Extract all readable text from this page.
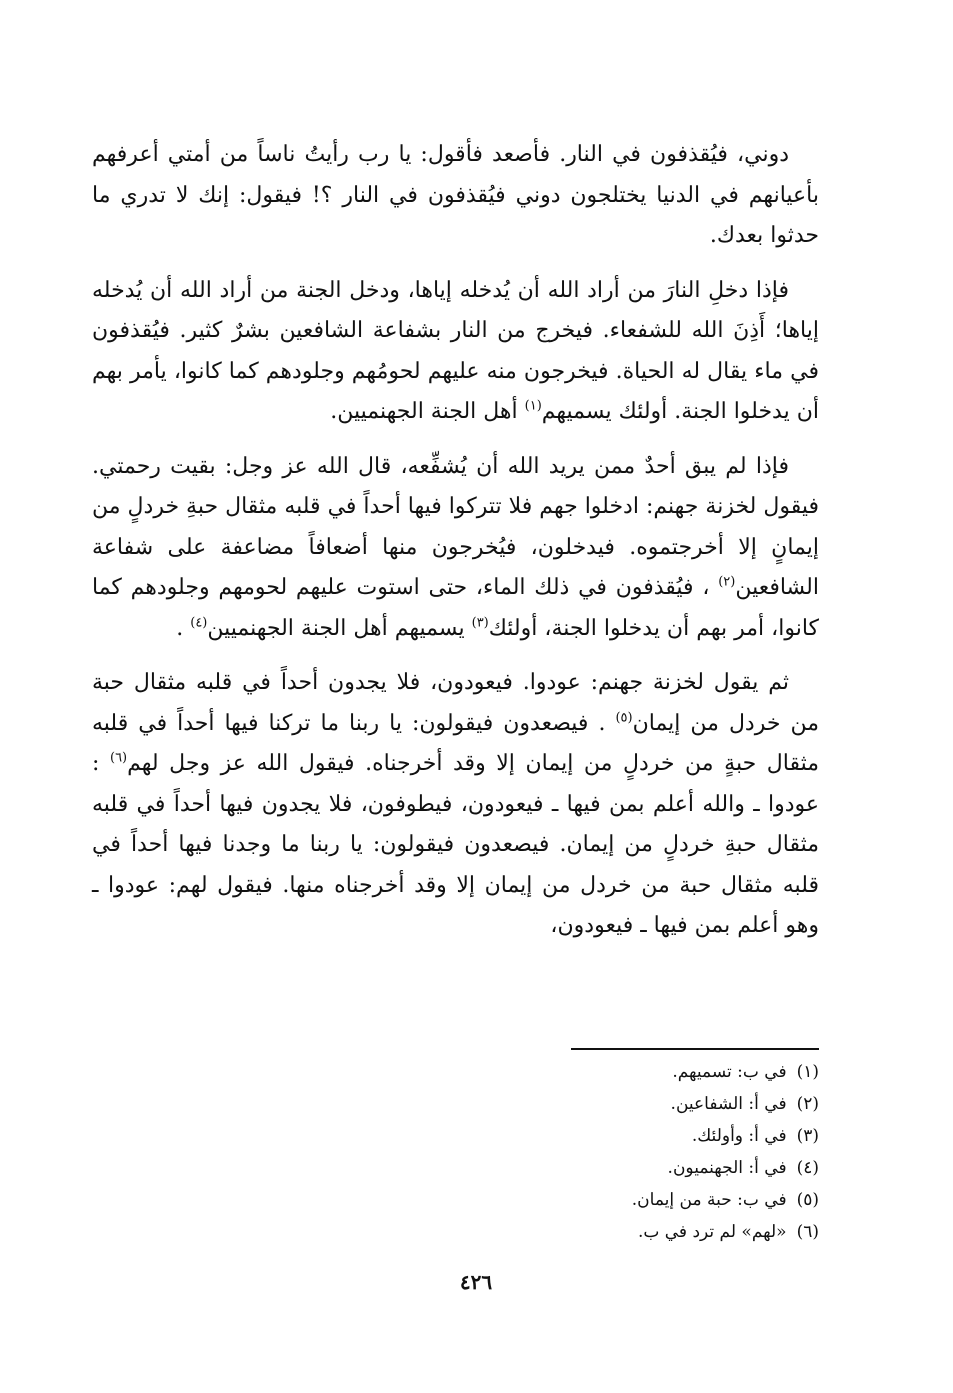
دوني، فيُقذفون في النار. فأصعد فأقول: يا رب رأيتُ ناساً من أمتي أعرفهم بأعيانهم في الدنيا يختلجون دوني فيُقذفون في النار ؟! فيقول: إنك لا تدري ما حدثوا بعدك.

فإذا دخلِ النارَ من أراد الله أن يُدخله إياها، ودخل الجنة من أراد الله أن يُدخله إياها؛ أَذِنَ الله للشفعاء. فيخرج من النار بشفاعة الشافعين بشرٌ كثير. فيُقذفون في ماء يقال له الحياة. فيخرجون منه عليهم لحومُهم وجلودهم كما كانوا، يأمر بهم أن يدخلوا الجنة. أولئك يسميهم$^{(١)}$ أهل الجنة الجهنميين.

فإذا لم يبق أحدٌ ممن يريد الله أن يُشفِّعه، قال الله عز وجل: بقيت رحمتي. فيقول لخزنة جهنم: ادخلوا جهم فلا تتركوا فيها أحداً في قلبه مثقال حبةِ خردلٍ من إيمانٍ إلا أخرجتموه. فيدخلون، فيُخرجون منها أضعافاً مضاعفة على شفاعة الشافعين$^{(٢)}$ ، فيُقذفون في ذلك الماء، حتى استوت عليهم لحومهم وجلودهم كما كانوا، أمر بهم أن يدخلوا الجنة، أولئك$^{(٣)}$ يسميهم أهل الجنة الجهنميين$^{(٤)}$ .

ثم يقول لخزنة جهنم: عودوا. فيعودون، فلا يجدون أحداً في قلبه مثقال حبة من خردل من إيمان$^{(٥)}$ . فيصعدون فيقولون: يا ربنا ما تركنا فيها أحداً في قلبه مثقال حبةٍ من خردلٍ من إيمان إلا وقد أخرجناه. فيقول الله عز وجل لهم$^{(٦)}$ : عودوا ـ والله أعلم بمن فيها ـ فيعودون، فيطوفون، فلا يجدون فيها أحداً في قلبه مثقال حبةِ خردلٍ من إيمان. فيصعدون فيقولون: يا ربنا ما وجدنا فيها أحداً في قلبه مثقال حبة من خردل من إيمان إلا وقد أخرجناه منها. فيقول لهم: عودوا ـ وهو أعلم بمن فيها ـ فيعودون،

(١)في ب: تسميهم.
(٢)في أ: الشفاعين.
(٣)في أ: وأولئك.
(٤)في أ: الجهنميون.
(٥)في ب: حبة من إيمان.
(٦)«لهم» لم ترد في ب.
٤٢٦
